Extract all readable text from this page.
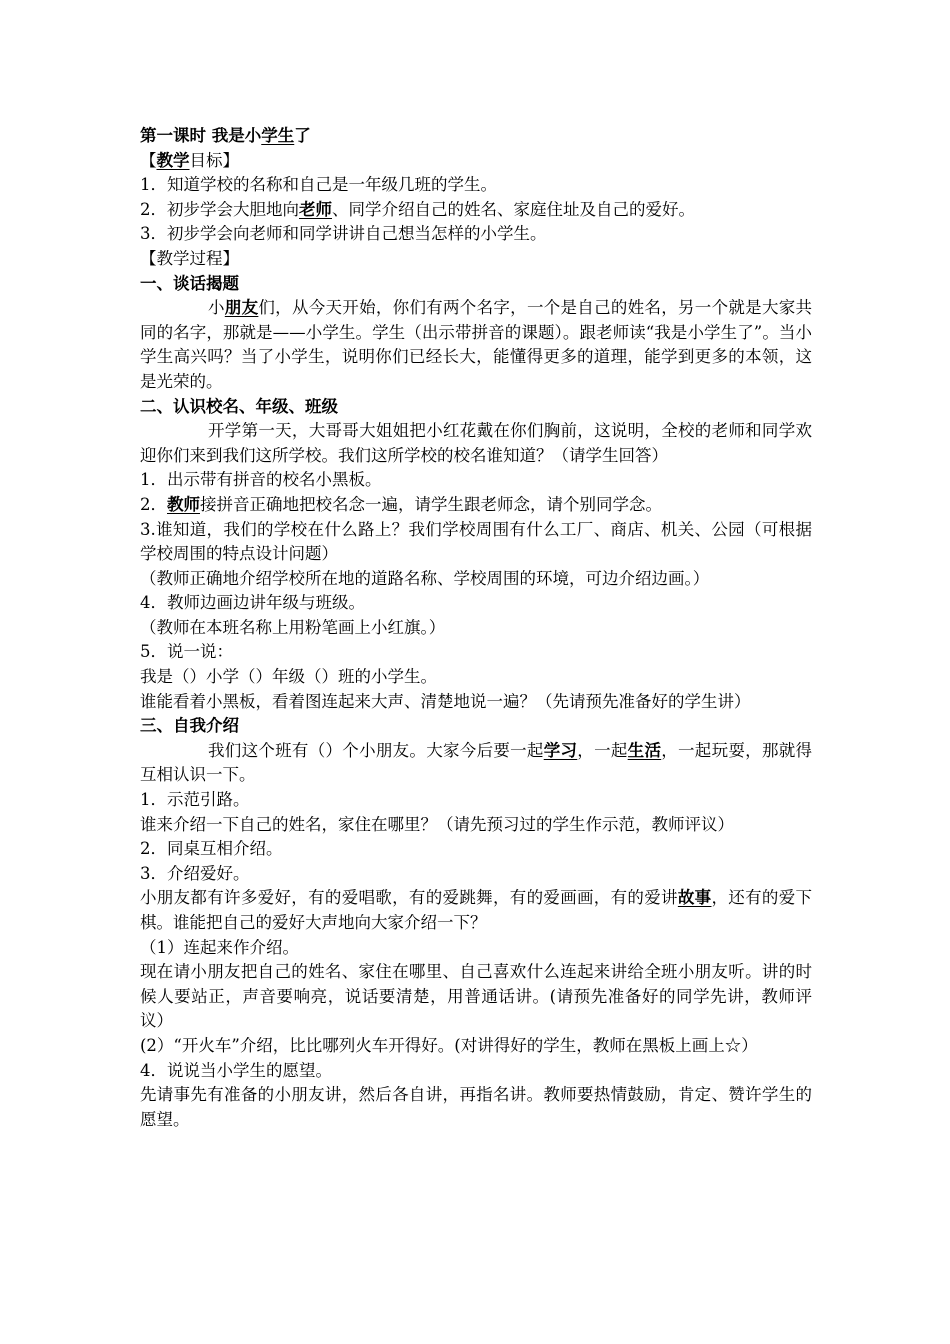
第一课时 我是小学生了

【教学目标】

1．知道学校的名称和自己是一年级几班的学生。

2．初步学会大胆地向老师、同学介绍自己的姓名、家庭住址及自己的爱好。

3．初步学会向老师和同学讲讲自己想当怎样的小学生。

【教学过程】

一、谈话揭题

小朋友们，从今天开始，你们有两个名字，一个是自己的姓名，另一个就是大家共同的名字，那就是——小学生。学生（出示带拼音的课题）。跟老师读“我是小学生了”。当小学生高兴吗？当了小学生，说明你们已经长大，能懂得更多的道理，能学到更多的本领，这是光荣的。

二、认识校名、年级、班级

开学第一天，大哥哥大姐姐把小红花戴在你们胸前，这说明，全校的老师和同学欢迎你们来到我们这所学校。我们这所学校的校名谁知道？（请学生回答）

1．出示带有拼音的校名小黑板。

2．教师接拼音正确地把校名念一遍，请学生跟老师念，请个别同学念。

3.谁知道，我们的学校在什么路上？我们学校周围有什么工厂、商店、机关、公园（可根据学校周围的特点设计问题）

（教师正确地介绍学校所在地的道路名称、学校周围的环境，可边介绍边画。）

4．教师边画边讲年级与班级。

（教师在本班名称上用粉笔画上小红旗。）

5．说一说：

我是（）小学（）年级（）班的小学生。

谁能看着小黑板，看着图连起来大声、清楚地说一遍？（先请预先准备好的学生讲）

三、自我介绍

我们这个班有（）个小朋友。大家今后要一起学习，一起生活，一起玩耍，那就得互相认识一下。

1．示范引路。

谁来介绍一下自己的姓名，家住在哪里？（请先预习过的学生作示范，教师评议）

2．同桌互相介绍。

3．介绍爱好。

小朋友都有许多爱好，有的爱唱歌，有的爱跳舞，有的爱画画，有的爱讲故事，还有的爱下棋。谁能把自己的爱好大声地向大家介绍一下？

（1）连起来作介绍。

现在请小朋友把自己的姓名、家住在哪里、自己喜欢什么连起来讲给全班小朋友听。讲的时候人要站正，声音要响亮，说话要清楚，用普通话讲。(请预先准备好的同学先讲，教师评议）

(2）“开火车”介绍，比比哪列火车开得好。(对讲得好的学生，教师在黑板上画上☆）

4．说说当小学生的愿望。

先请事先有准备的小朋友讲，然后各自讲，再指名讲。教师要热情鼓励，肯定、赞许学生的愿望。
